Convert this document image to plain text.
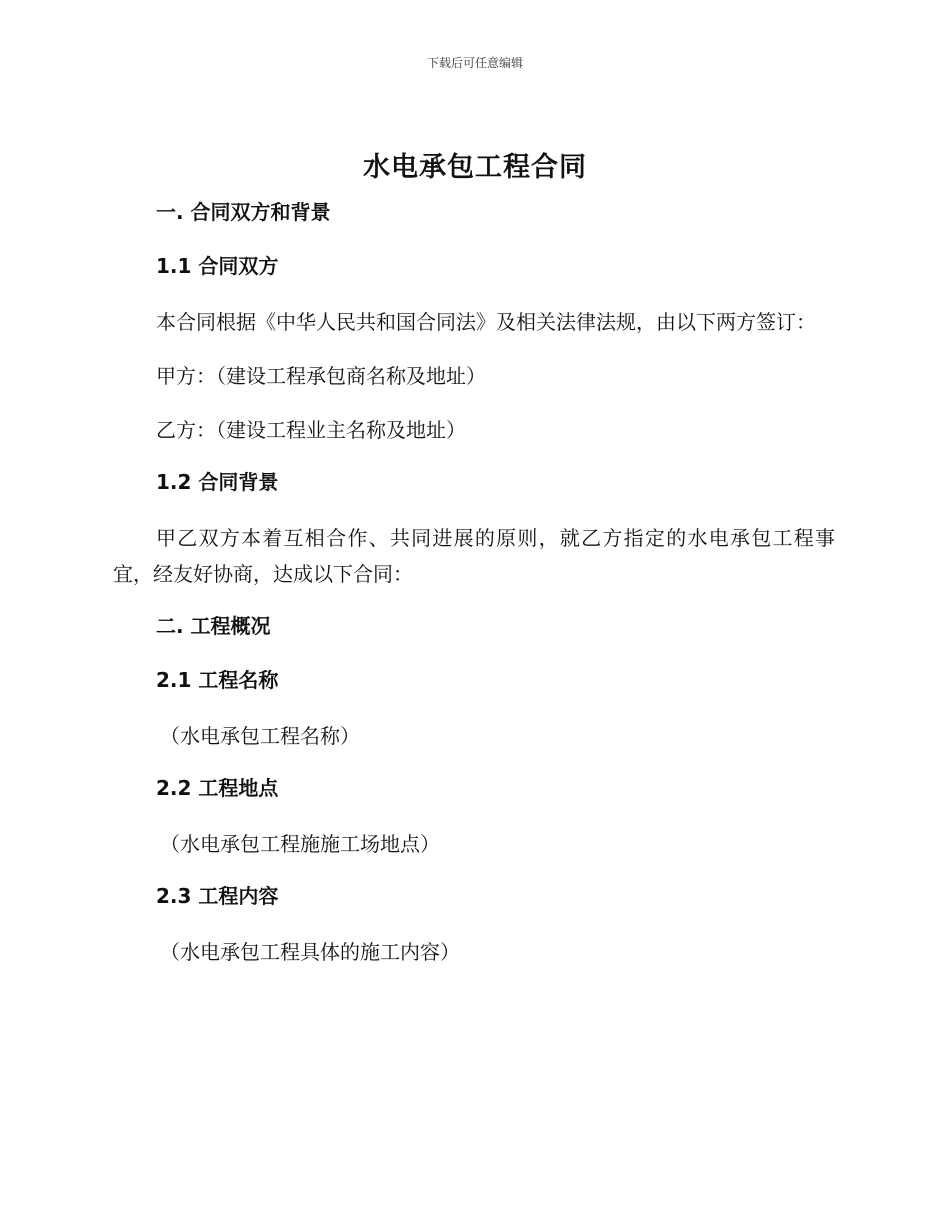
下载后可任意编辑
水电承包工程合同
一. 合同双方和背景
1.1 合同双方
本合同根据《中华人民共和国合同法》及相关法律法规，由以下两方签订：
甲方：（建设工程承包商名称及地址）
乙方：（建设工程业主名称及地址）
1.2 合同背景
甲乙双方本着互相合作、共同进展的原则，就乙方指定的水电承包工程事宜，经友好协商，达成以下合同：
二. 工程概况
2.1 工程名称
（水电承包工程名称）
2.2 工程地点
（水电承包工程施施工场地点）
2.3 工程内容
（水电承包工程具体的施工内容）
